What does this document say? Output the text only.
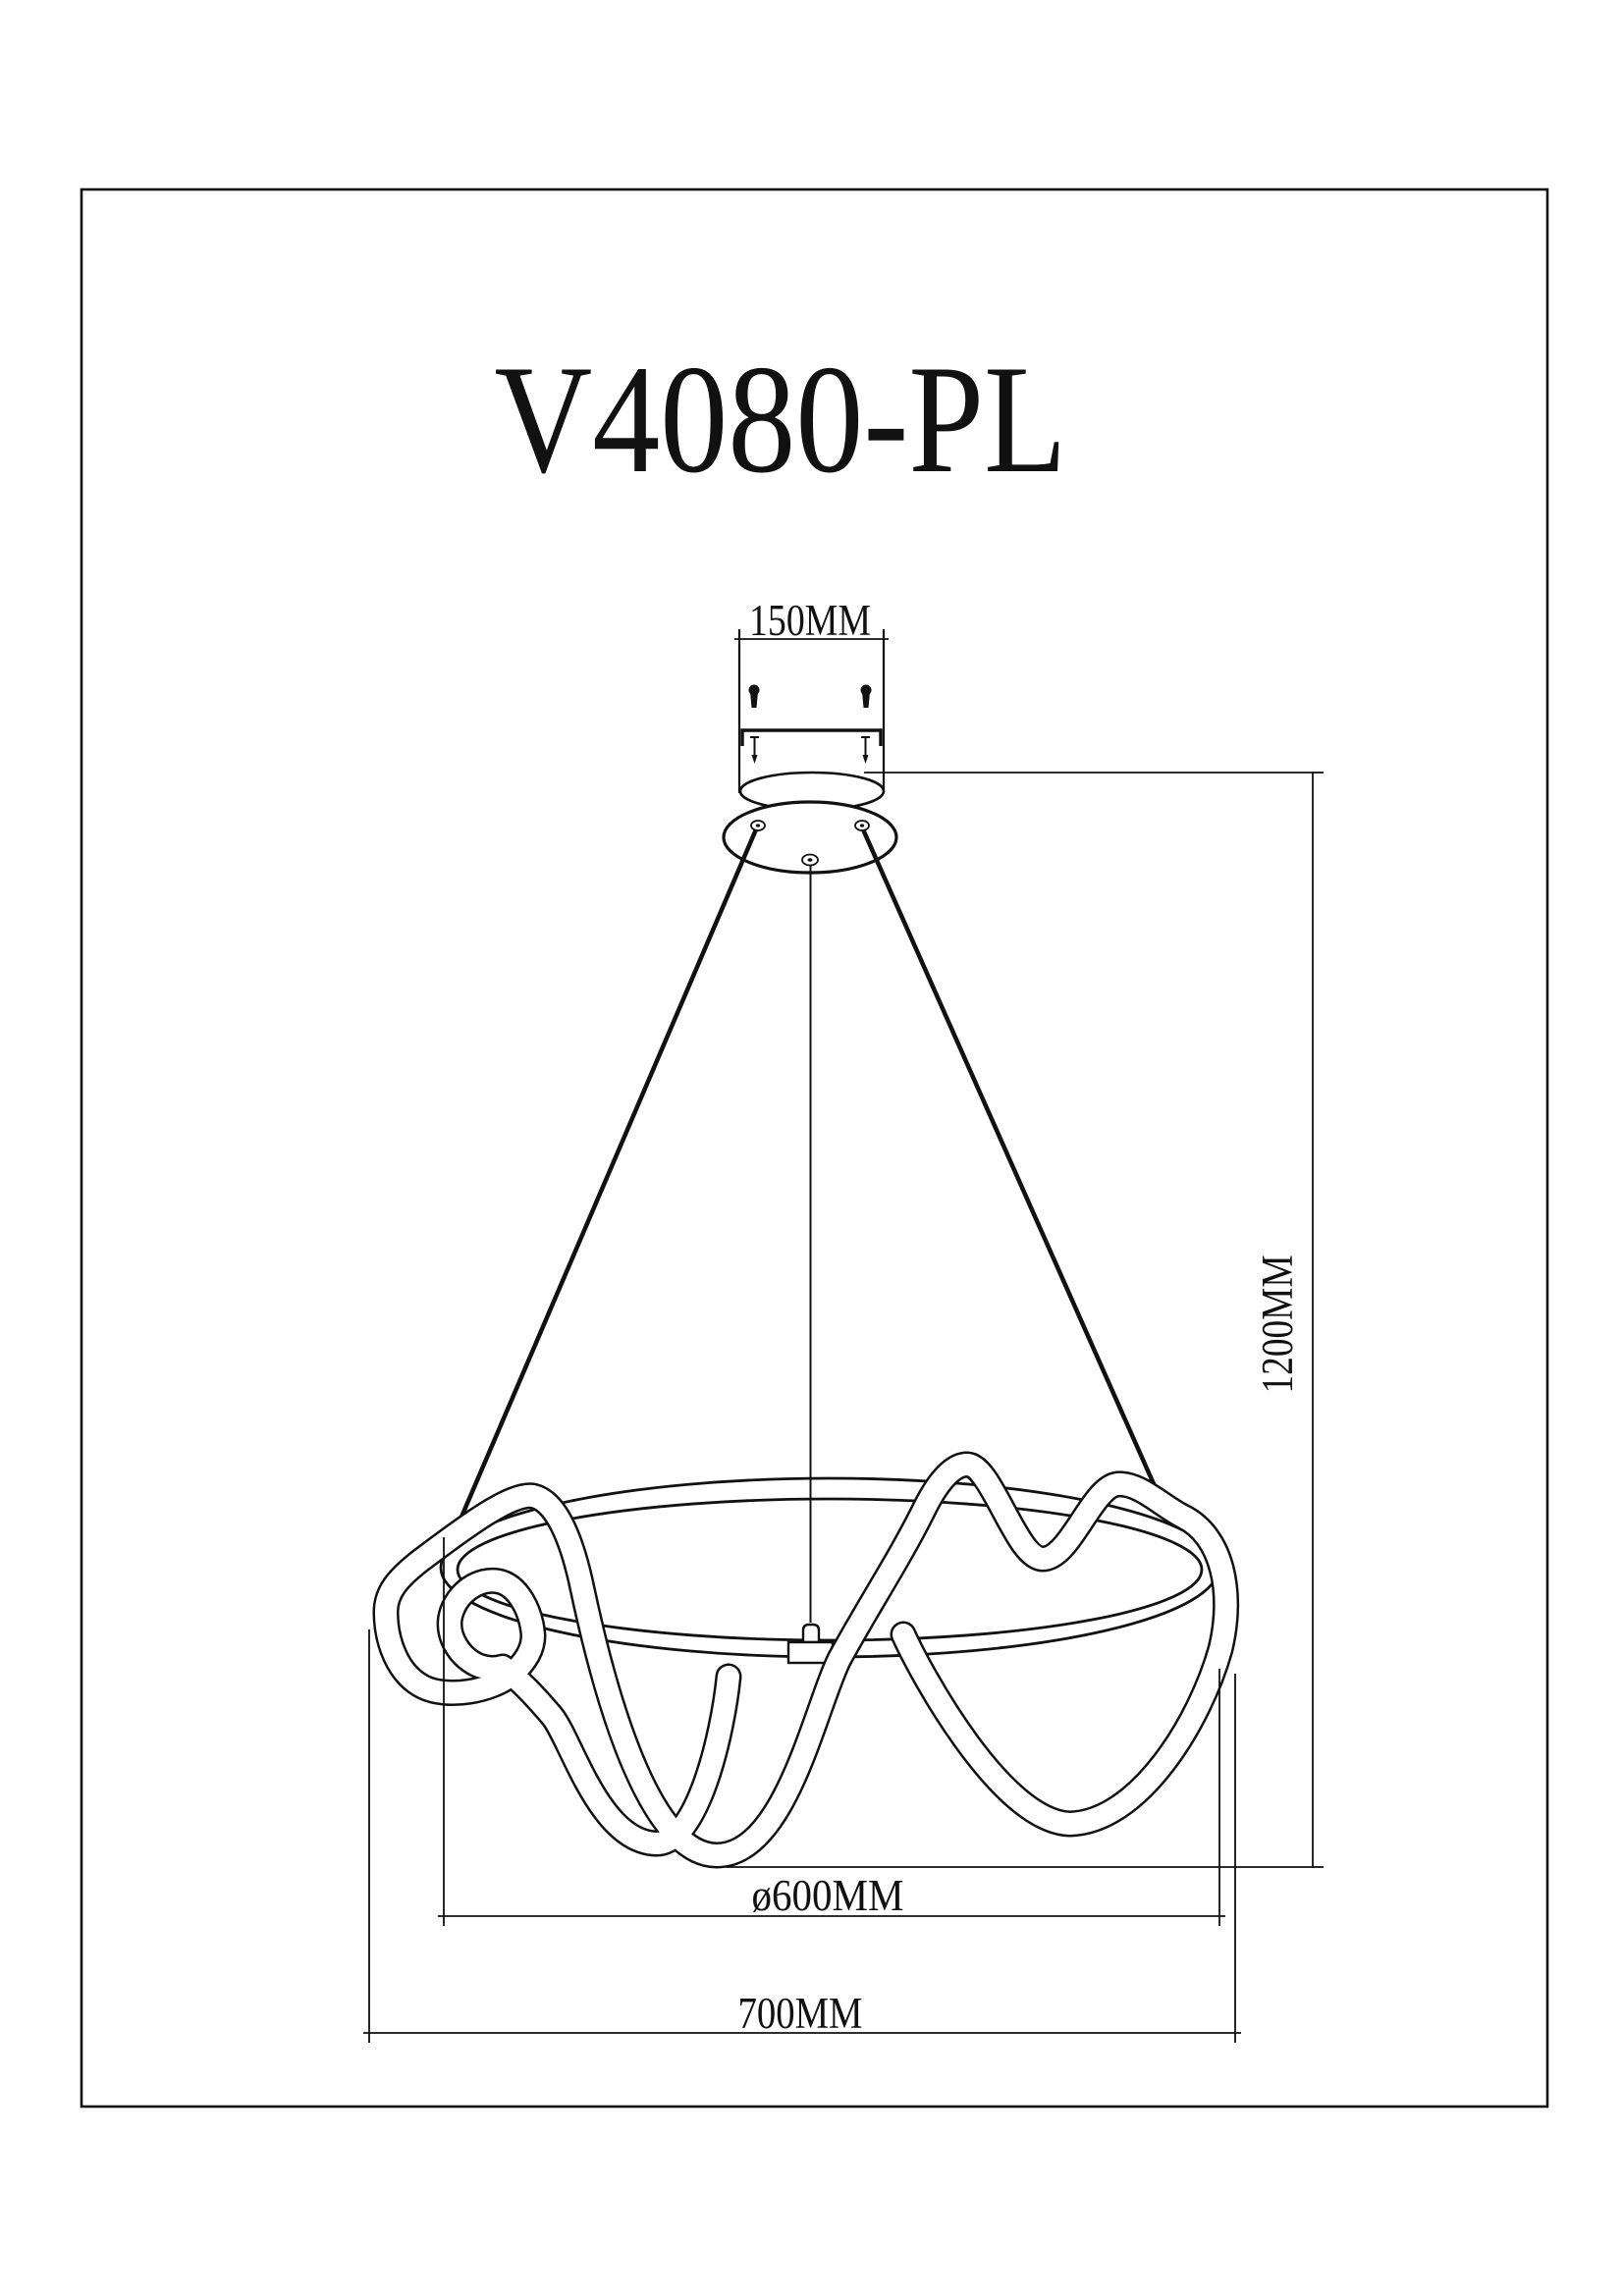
V4080-PL
150MM
1200MM
ø600MM
700MM
